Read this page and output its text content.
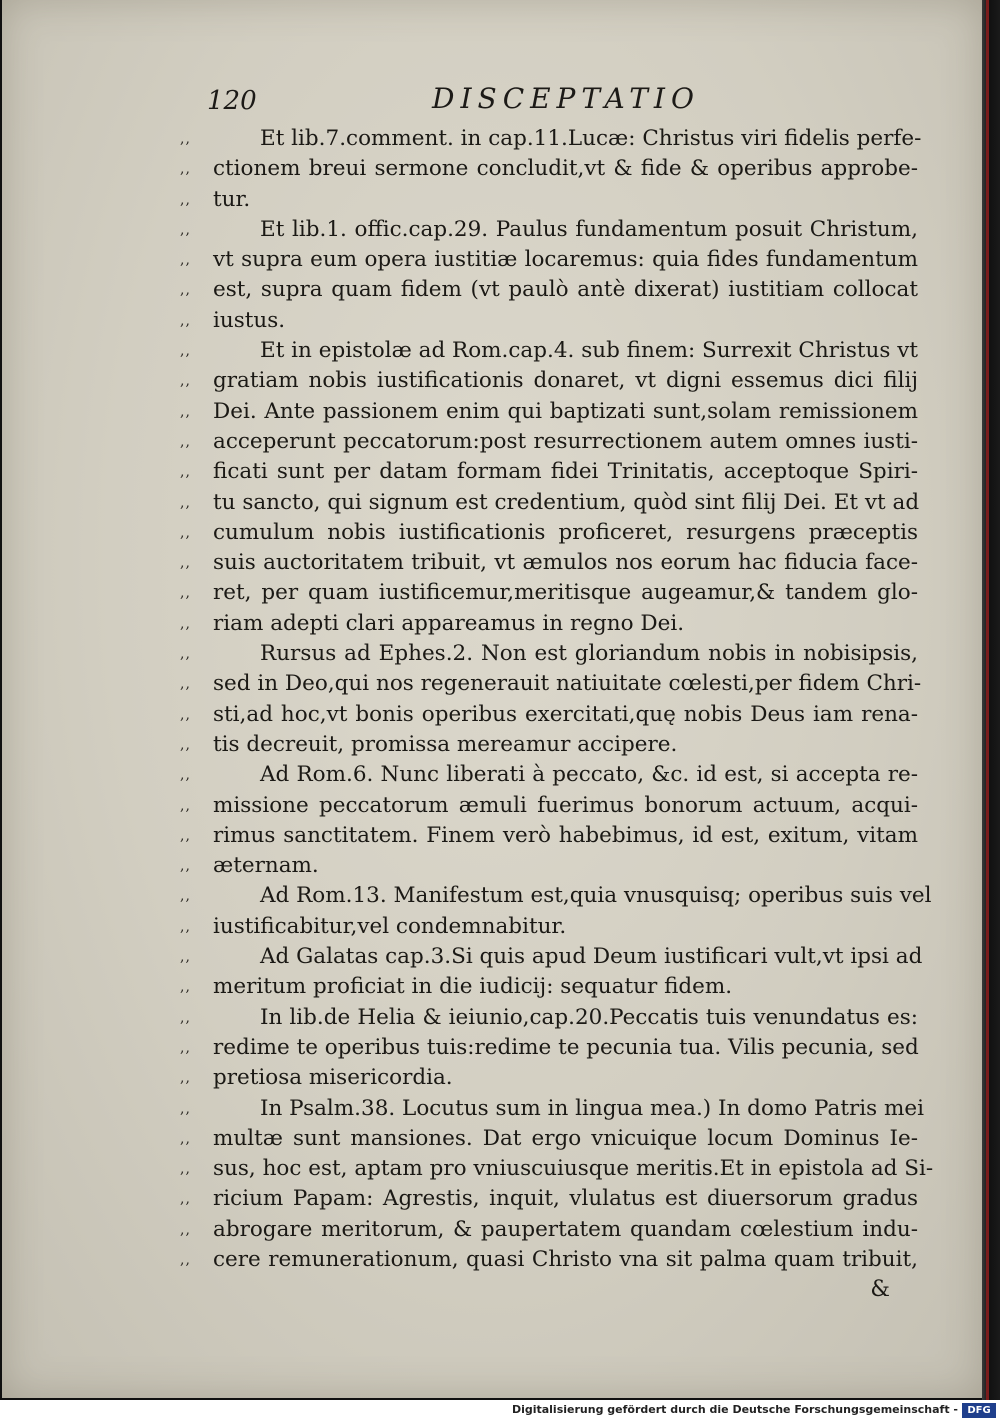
120	DISCEPTATIO
,,	Et lib.7.comment. in cap.11.Lucæ: Christus viri fidelis perfe-
,,	ctionem breui sermone concludit,vt & fide & operibus approbe-
,,	tur.
,,	Et lib.1. offic.cap.29. Paulus fundamentum posuit Christum,
,,	vt supra eum opera iustitiæ locaremus: quia fides fundamentum
,,	est, supra quam fidem (vt paulò antè dixerat) iustitiam collocat
,,	iustus.
,,	Et in epistolæ ad Rom.cap.4. sub finem: Surrexit Christus vt
,,	gratiam nobis iustificationis donaret, vt digni essemus dici filij
,,	Dei. Ante passionem enim qui baptizati sunt,solam remissionem
,,	acceperunt peccatorum:post resurrectionem autem omnes iusti-
,,	ficati sunt per datam formam fidei Trinitatis, acceptoque Spiri-
,,	tu sancto, qui signum est credentium, quòd sint filij Dei. Et vt ad
,,	cumulum nobis iustificationis proficeret, resurgens præceptis
,,	suis auctoritatem tribuit, vt æmulos nos eorum hac fiducia face-
,,	ret, per quam iustificemur,meritisque augeamur,& tandem glo-
,,	riam adepti clari appareamus in regno Dei.
,,	Rursus ad Ephes.2. Non est gloriandum nobis in nobisipsis,
,,	sed in Deo,qui nos regenerauit natiuitate cœlesti,per fidem Chri-
,,	sti,ad hoc,vt bonis operibus exercitati,quę nobis Deus iam rena-
,,	tis decreuit, promissa mereamur accipere.
,,	Ad Rom.6. Nunc liberati à peccato, &c. id est, si accepta re-
,,	missione peccatorum æmuli fuerimus bonorum actuum, acqui-
,,	rimus sanctitatem. Finem verò habebimus, id est, exitum, vitam
,,	æternam.
,,	Ad Rom.13. Manifestum est,quia vnusquisq; operibus suis vel
,,	iustificabitur,vel condemnabitur.
,,	Ad Galatas cap.3.Si quis apud Deum iustificari vult,vt ipsi ad
,,	meritum proficiat in die iudicij: sequatur fidem.
,,	In lib.de Helia & ieiunio,cap.20.Peccatis tuis venundatus es:
,,	redime te operibus tuis:redime te pecunia tua. Vilis pecunia, sed
,,	pretiosa misericordia.
,,	In Psalm.38. Locutus sum in lingua mea.) In domo Patris mei
,,	multæ sunt mansiones. Dat ergo vnicuique locum Dominus Ie-
,,	sus, hoc est, aptam pro vniuscuiusque meritis.Et in epistola ad Si-
,,	ricium Papam: Agrestis, inquit, vlulatus est diuersorum gradus
,,	abrogare meritorum, & paupertatem quandam cœlestium indu-
,,	cere remunerationum, quasi Christo vna sit palma quam tribuit,
&
Digitalisierung gefördert durch die Deutsche Forschungsgemeinschaft - DFG
